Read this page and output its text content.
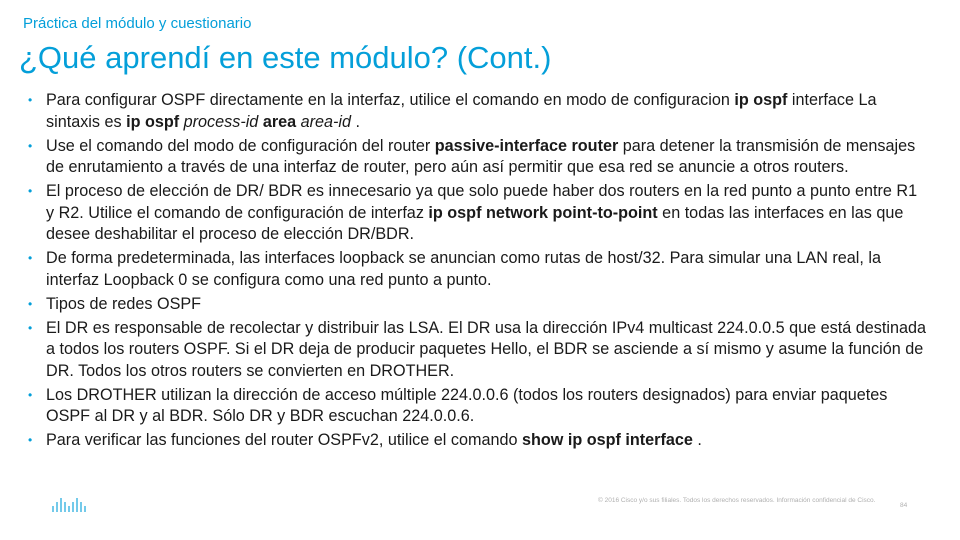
Práctica del módulo y cuestionario
¿Qué aprendí en este módulo? (Cont.)
• Para configurar OSPF directamente en la interfaz, utilice el comando en modo de configuracion ip ospf interface La sintaxis es ip ospf process-id area area-id .
• Use el comando del modo de configuración del router passive-interface router para detener la transmisión de mensajes de enrutamiento a través de una interfaz de router, pero aún así permitir que esa red se anuncie a otros routers.
• El proceso de elección de DR/ BDR es innecesario ya que solo puede haber dos routers en la red punto a punto entre R1 y R2. Utilice el comando de configuración de interfaz ip ospf network point-to-point en todas las interfaces en las que desee deshabilitar el proceso de elección DR/BDR.
• De forma predeterminada, las interfaces loopback se anuncian como rutas de host/32. Para simular una LAN real, la interfaz Loopback 0 se configura como una red punto a punto.
• Tipos de redes OSPF
• El DR es responsable de recolectar y distribuir las LSA. El DR usa la dirección IPv4 multicast 224.0.0.5 que está destinada a todos los routers OSPF. Si el DR deja de producir paquetes Hello, el BDR se asciende a sí mismo y asume la función de DR. Todos los otros routers se convierten en DROTHER.
• Los DROTHER utilizan la dirección de acceso múltiple 224.0.0.6 (todos los routers designados) para enviar paquetes OSPF al DR y al BDR. Sólo DR y BDR escuchan 224.0.0.6.
• Para verificar las funciones del router OSPFv2, utilice el comando show ip ospf interface .
© 2016 Cisco y/o sus filiales. Todos los derechos reservados. Información confidencial de Cisco.
84
